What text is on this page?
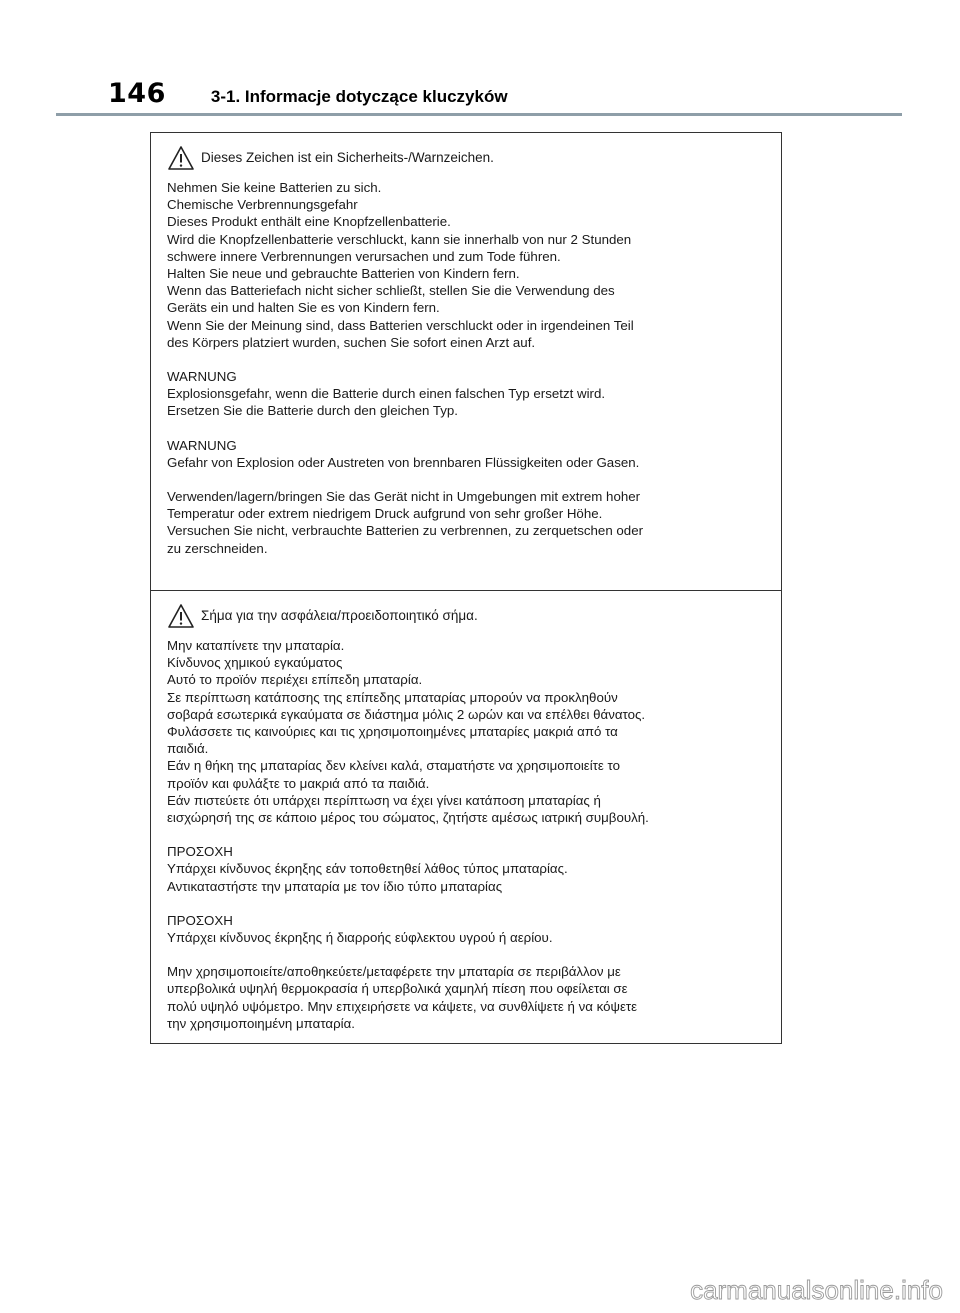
146	3-1. Informacje dotyczące kluczyków
Dieses Zeichen ist ein Sicherheits-/Warnzeichen.
Nehmen Sie keine Batterien zu sich.
Chemische Verbrennungsgefahr
Dieses Produkt enthält eine Knopfzellenbatterie.
Wird die Knopfzellenbatterie verschluckt, kann sie innerhalb von nur 2 Stunden
schwere innere Verbrennungen verursachen und zum Tode führen.
Halten Sie neue und gebrauchte Batterien von Kindern fern.
Wenn das Batteriefach nicht sicher schließt, stellen Sie die Verwendung des
Geräts ein und halten Sie es von Kindern fern.
Wenn Sie der Meinung sind, dass Batterien verschluckt oder in irgendeinen Teil
des Körpers platziert wurden, suchen Sie sofort einen Arzt auf.
WARNUNG
Explosionsgefahr, wenn die Batterie durch einen falschen Typ ersetzt wird.
Ersetzen Sie die Batterie durch den gleichen Typ.
WARNUNG
Gefahr von Explosion oder Austreten von brennbaren Flüssigkeiten oder Gasen.
Verwenden/lagern/bringen Sie das Gerät nicht in Umgebungen mit extrem hoher
Temperatur oder extrem niedrigem Druck aufgrund von sehr großer Höhe.
Versuchen Sie nicht, verbrauchte Batterien zu verbrennen, zu zerquetschen oder
zu zerschneiden.
Σήμα για την ασφάλεια/προειδοποιητικό σήμα.
Μην καταπίνετε την μπαταρία.
Κίνδυνος χημικού εγκαύματος
Αυτό το προϊόν περιέχει επίπεδη μπαταρία.
Σε περίπτωση κατάποσης της επίπεδης μπαταρίας μπορούν να προκληθούν
σοβαρά εσωτερικά εγκαύματα σε διάστημα μόλις 2 ωρών και να επέλθει θάνατος.
Φυλάσσετε τις καινούριες και τις χρησιμοποιημένες μπαταρίες μακριά από τα
παιδιά.
Εάν η θήκη της μπαταρίας δεν κλείνει καλά, σταματήστε να χρησιμοποιείτε το
προϊόν και φυλάξτε το μακριά από τα παιδιά.
Εάν πιστεύετε ότι υπάρχει περίπτωση να έχει γίνει κατάποση μπαταρίας ή
εισχώρησή της σε κάποιο μέρος του σώματος, ζητήστε αμέσως ιατρική συμβουλή.
ΠΡΟΣΟΧΗ
Υπάρχει κίνδυνος έκρηξης εάν τοποθετηθεί λάθος τύπος μπαταρίας.
Αντικαταστήστε την μπαταρία με τον ίδιο τύπο μπαταρίας
ΠΡΟΣΟΧΗ
Υπάρχει κίνδυνος έκρηξης ή διαρροής εύφλεκτου υγρού ή αερίου.
Μην χρησιμοποιείτε/αποθηκεύετε/μεταφέρετε την μπαταρία σε περιβάλλον με
υπερβολικά υψηλή θερμοκρασία ή υπερβολικά χαμηλή πίεση που οφείλεται σε
πολύ υψηλό υψόμετρο. Μην επιχειρήσετε να κάψετε, να συνθλίψετε ή να κόψετε
την χρησιμοποιημένη μπαταρία.
carmanualsonline.info
